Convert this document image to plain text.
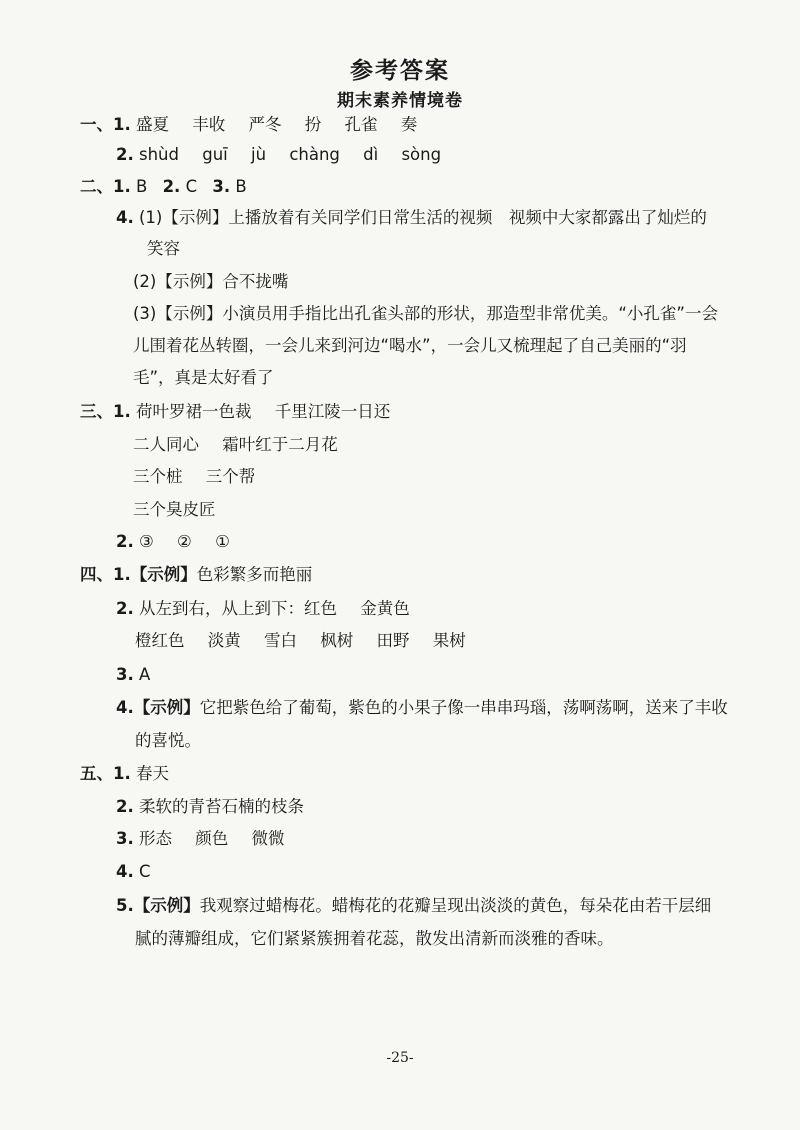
参考答案
期末素养情境卷
一、1. 盛夏 丰收 严冬 扮 孔雀 奏
2. shùd guī jù chàng dì sòng
二、1. B 2. C 3. B
4. (1)【示例】上播放着有关同学们日常生活的视频　视频中大家都露出了灿烂的
笑容
(2)【示例】合不拢嘴
(3)【示例】小演员用手指比出孔雀头部的形状，那造型非常优美。“小孔雀”一会
儿围着花丛转圈，一会儿来到河边“喝水”，一会儿又梳理起了自己美丽的“羽
毛”，真是太好看了
三、1. 荷叶罗裙一色裁 千里江陵一日还
二人同心 霜叶红于二月花
三个桩 三个帮
三个臭皮匠
2. ③ ② ①
四、1.【示例】色彩繁多而艳丽
2. 从左到右，从上到下：红色 金黄色
橙红色 淡黄 雪白 枫树 田野 果树
3. A
4.【示例】它把紫色给了葡萄，紫色的小果子像一串串玛瑙，荡啊荡啊，送来了丰收
的喜悦。
五、1. 春天
2. 柔软的青苔石楠的枝条
3. 形态 颜色 微微
4. C
5.【示例】我观察过蜡梅花。蜡梅花的花瓣呈现出淡淡的黄色，每朵花由若干层细
腻的薄瓣组成，它们紧紧簇拥着花蕊，散发出清新而淡雅的香味。
-25-
